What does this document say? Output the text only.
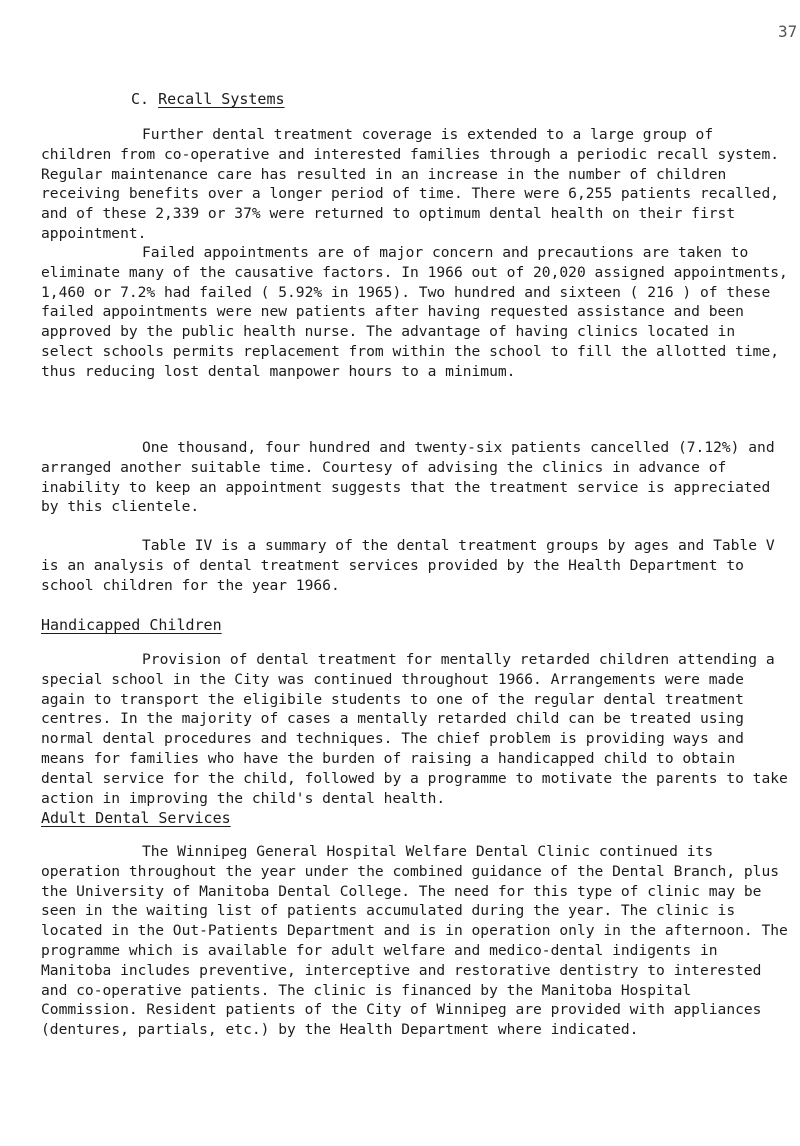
37
C. Recall Systems

Further dental treatment coverage is extended to a large group of children from co-operative and interested families through a periodic recall system. Regular maintenance care has resulted in an increase in the number of children receiving benefits over a longer period of time. There were 6,255 patients recalled, and of these 2,339 or 37% were returned to optimum dental health on their first appointment.

Failed appointments are of major concern and precautions are taken to eliminate many of the causative factors. In 1966 out of 20,020 assigned appointments, 1,460 or 7.2% had failed ( 5.92% in 1965). Two hundred and sixteen ( 216 ) of these failed appointments were new patients after having requested assistance and been approved by the public health nurse. The advantage of having clinics located in select schools permits replacement from within the school to fill the allotted time, thus reducing lost dental manpower hours to a minimum.

One thousand, four hundred and twenty-six patients cancelled (7.12%) and arranged another suitable time. Courtesy of advising the clinics in advance of inability to keep an appointment suggests that the treatment service is appreciated by this clientele.

Table IV is a summary of the dental treatment groups by ages and Table V is an analysis of dental treatment services provided by the Health Department to school children for the year 1966.

Handicapped Children

Provision of dental treatment for mentally retarded children attending a special school in the City was continued throughout 1966. Arrangements were made again to transport the eligibile students to one of the regular dental treatment centres. In the majority of cases a mentally retarded child can be treated using normal dental procedures and techniques. The chief problem is providing ways and means for families who have the burden of raising a handicapped child to obtain dental service for the child, followed by a programme to motivate the parents to take action in improving the child's dental health.

Adult Dental Services

The Winnipeg General Hospital Welfare Dental Clinic continued its operation throughout the year under the combined guidance of the Dental Branch, plus the University of Manitoba Dental College. The need for this type of clinic may be seen in the waiting list of patients accumulated during the year. The clinic is located in the Out-Patients Department and is in operation only in the afternoon. The programme which is available for adult welfare and medico-dental indigents in Manitoba includes preventive, interceptive and restorative dentistry to interested and co-operative patients. The clinic is financed by the Manitoba Hospital Commission. Resident patients of the City of Winnipeg are provided with appliances (dentures, partials, etc.) by the Health Department where indicated.
